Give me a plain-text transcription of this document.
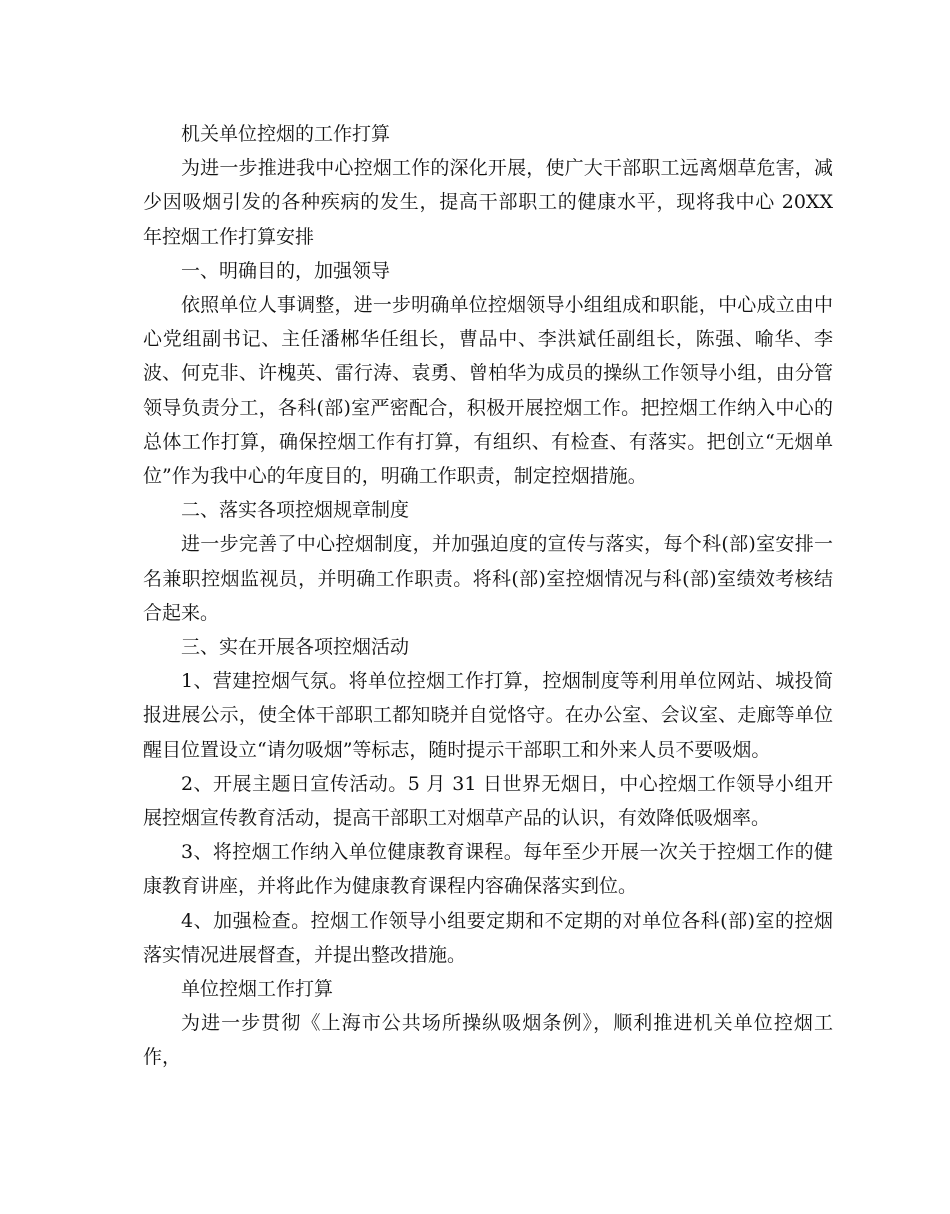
机关单位控烟的工作打算

为进一步推进我中心控烟工作的深化开展，使广大干部职工远离烟草危害，减少因吸烟引发的各种疾病的发生，提高干部职工的健康水平，现将我中心 20XX 年控烟工作打算安排

一、明确目的，加强领导

依照单位人事调整，进一步明确单位控烟领导小组组成和职能，中心成立由中心党组副书记、主任潘郴华任组长，曹品中、李洪斌任副组长，陈强、喻华、李波、何克非、许槐英、雷行涛、袁勇、曾柏华为成员的操纵工作领导小组，由分管领导负责分工，各科(部)室严密配合，积极开展控烟工作。把控烟工作纳入中心的总体工作打算，确保控烟工作有打算，有组织、有检查、有落实。把创立“无烟单位”作为我中心的年度目的，明确工作职责，制定控烟措施。

二、落实各项控烟规章制度

进一步完善了中心控烟制度，并加强迫度的宣传与落实，每个科(部)室安排一名兼职控烟监视员，并明确工作职责。将科(部)室控烟情况与科(部)室绩效考核结合起来。

三、实在开展各项控烟活动

1、营建控烟气氛。将单位控烟工作打算，控烟制度等利用单位网站、城投简报进展公示，使全体干部职工都知晓并自觉恪守。在办公室、会议室、走廊等单位醒目位置设立“请勿吸烟”等标志，随时提示干部职工和外来人员不要吸烟。

2、开展主题日宣传活动。5 月 31 日世界无烟日，中心控烟工作领导小组开展控烟宣传教育活动，提高干部职工对烟草产品的认识，有效降低吸烟率。

3、将控烟工作纳入单位健康教育课程。每年至少开展一次关于控烟工作的健康教育讲座，并将此作为健康教育课程内容确保落实到位。

4、加强检查。控烟工作领导小组要定期和不定期的对单位各科(部)室的控烟落实情况进展督查，并提出整改措施。

单位控烟工作打算

为进一步贯彻《上海市公共场所操纵吸烟条例》，顺利推进机关单位控烟工作，
